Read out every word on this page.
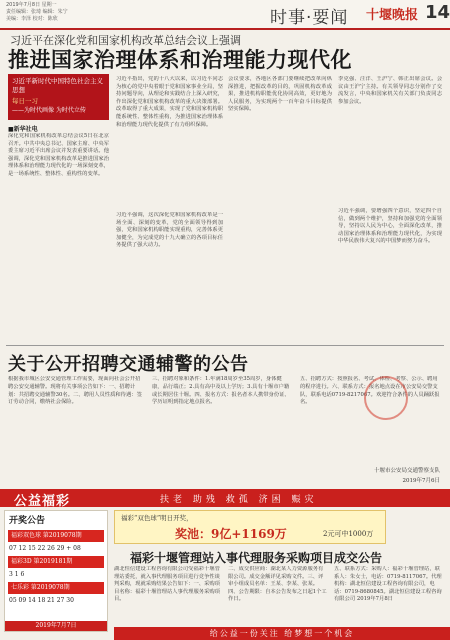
2019年7月8日 星期一
责任编辑：张琦 编辑：朱宁
美编：李泽 校对：陈欣	时事·要闻 十堰晚报 14
习近平在深化党和国家机构改革总结会议上强调
推进国家治理体系和治理能力现代化
习近平新时代中国特色社会主义思想
每日一习
——为时代画像 为时代立传
■新华社电
深化党和国家机构改革总结会议5日在北京召开。中共中央总书记、国家主席、中央军委主席习近平出席会议并发表重要讲话。他强调，深化党和国家机构改革是推进国家治理体系和治理能力现代化的一场深刻变革，是一场系统性、整体性、重构性的变革。
习近平指出，党的十八大以来，以习近平同志为核心的党中央着眼于党和国家事业全局，坚持问题导向，从理论和实践结合上深入研究，作出深化党和国家机构改革的重大决策部署。改革取得了重大成果，实现了党和国家机构职能系统性、整体性重构，为推进国家治理体系和治理能力现代化提供了有力组织保障。
习近平强调，这次深化党和国家机构改革是一场全面、深刻的变革，党的全面领导得到加强，党和国家机构职能实现重构，完善体系更加健全，为完成党的十九大确立的各项目标任务提供了强大动力。
会议要求，各地区各部门要继续把改革向纵深推进，把握改革的目的，巩固机构改革成果，推进机构职能优化协同高效，更好地为人民服务，为实现两个一百年奋斗目标提供坚实保障。
李克强、汪洋、王沪宁、韩正出席会议。会议由王沪宁主持。有关领导同志分别作了交流发言，中央和国家机关有关部门负责同志参加会议。
习近平强调，要增强四个意识，坚定四个自信，做到两个维护，坚持和加强党的全面领导，坚持以人民为中心，全面深化改革，推动国家治理体系和治理能力现代化，为实现中华民族伟大复兴的中国梦而努力奋斗。
关于公开招聘交通辅警的公告
根据我市城区公安交通管理工作需要，现面向社会公开招聘公安交通辅警。现将有关事项公告如下：一、招聘计划：共招聘交通辅警30名。二、聘用人员性质和待遇：签订劳动合同，缴纳社会保险。
三、招聘对象和条件：1.年满18周岁至35周岁，身体健康，品行端正；2.具有高中及以上学历；3.具有十堰市户籍或长期居住十堰。四、报名方式：报名者本人携带身份证、学历证明到指定地点报名。
五、招聘方式：按照报名、考试、体检、考察、公示、聘用的程序进行。六、联系方式：报名地点设在市公安局交警支队，联系电话0719-8217067。欢迎符合条件的人员踊跃报名。
十堰市公安局交通警察支队
2019年7月6日
公益福彩	扶老 助残 救孤 济困 赈灾
开奖公告
福彩双色球 第2019078期
07 12 15 22 26 29 + 08
福彩3D 第2019181期
3 1 6
七乐彩 第2019078期
05 09 14 18 21 27 30
2019年7月7日
福彩“双色球”明日开奖，
奖池：9亿+1169万	2元可中1000万
福彩十堰管理站入事代理服务采购项目成交公告
湖北恒信建设工程咨询有限公司受福彩十堰管理站委托，就入事代理服务项目进行竞争性谈判采购，现就采购结果公告如下：一、采购项目名称：福彩十堰管理站人事代理服务采购项目。
二、成交供应商：湖北某人力资源服务有限公司。成交金额详见采购文件。三、评审小组成员名单：王某、李某、张某。四、公告期限：自本公告发布之日起1个工作日。
五、联系方式：采购人：福彩十堰管理站，联系人：朱女士，电话：0719-8117067。代理机构：湖北恒信建设工程咨询有限公司，电话：0719-8680845。湖北恒信建设工程咨询有限公司 2019年7月8日
给公益一份关注 给梦想一个机会
